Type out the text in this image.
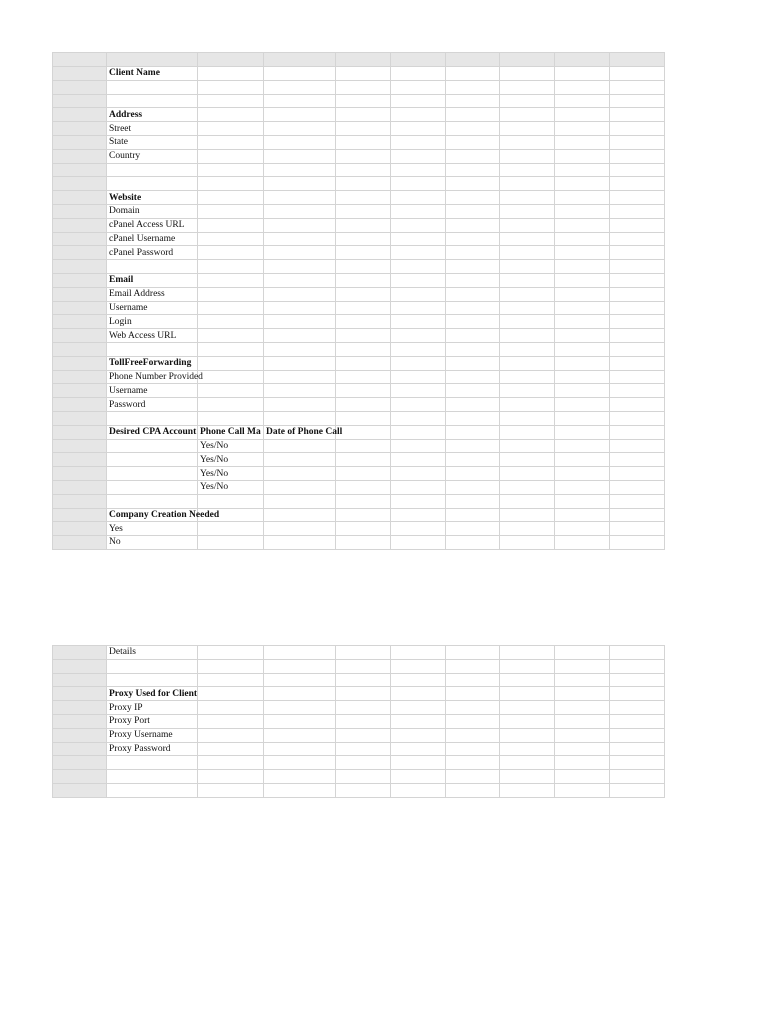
	Client Name								

	Address								
	Street								
	State								
	Country								

	Website								
	Domain								
	cPanel Access URL								
	cPanel Username								
	cPanel Password								

	Email								
	Email Address								
	Username								
	Login								
	Web Access URL								

	TollFreeForwarding								
	Phone Number Provided								
	Username								
	Password								

	Desired CPA Account	Phone Call Ma	Date of Phone Call						
		Yes/No							
		Yes/No							
		Yes/No							
		Yes/No							

	Company Creation Needed								
	Yes								
	No								
	Details								

	Proxy Used for Client								
	Proxy IP								
	Proxy Port								
	Proxy Username								
	Proxy Password								
